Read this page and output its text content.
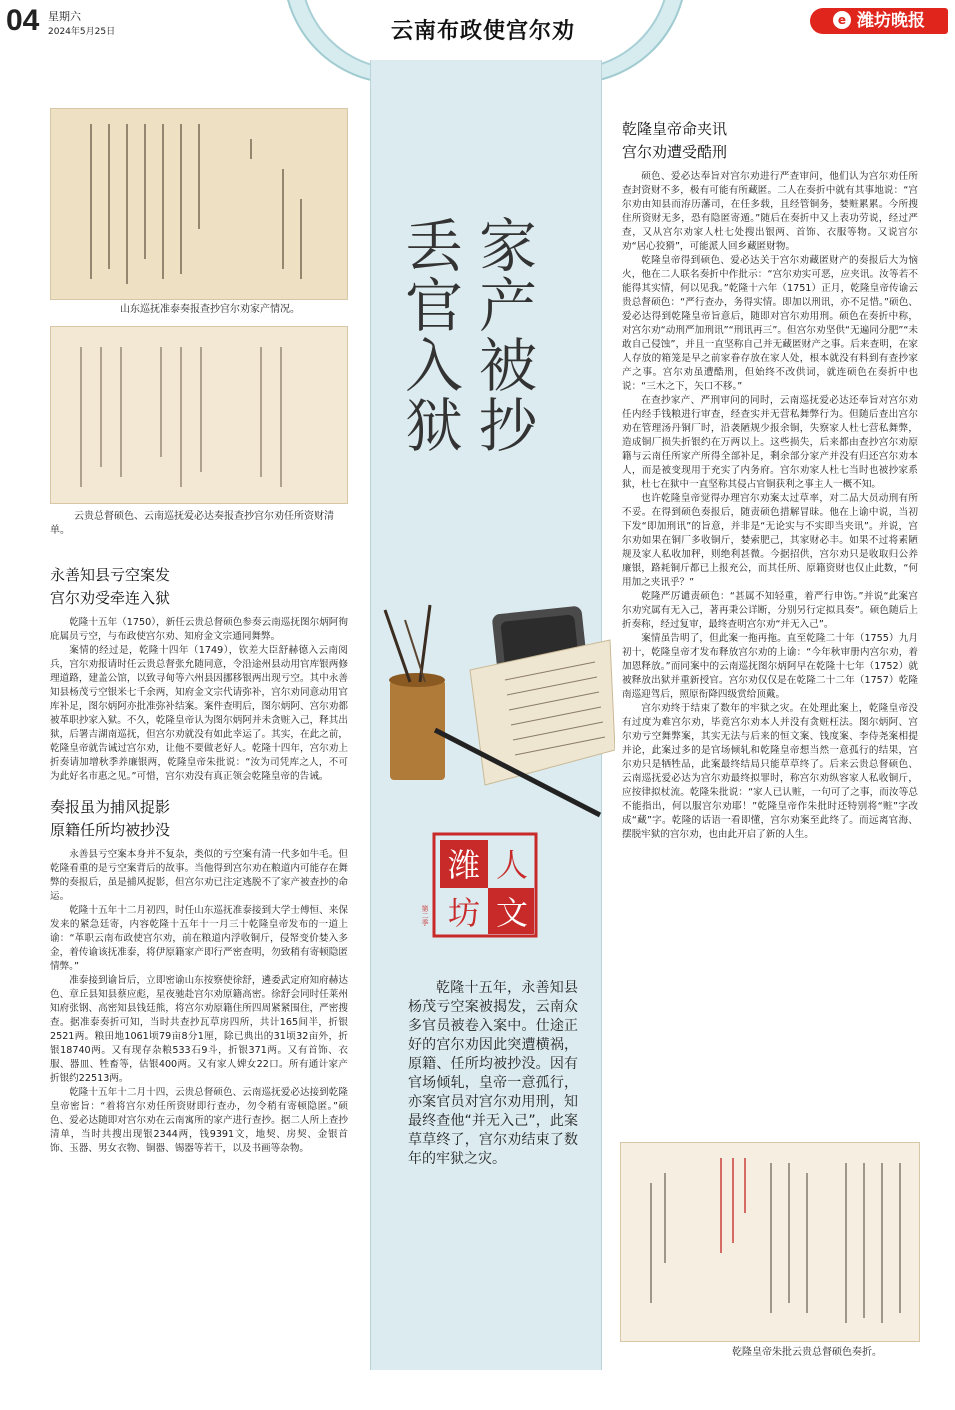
04 星期六
2024年5月25日	云南布政使宫尔劝	e 潍坊晚报
家产被抄
丢官入狱
潍 人
坊 文
第二季

乾隆十五年，永善知县杨茂亏空案被揭发，云南众多官员被卷入案中。仕途正好的宫尔劝因此突遭横祸，原籍、任所均被抄没。因有官场倾轧，皇帝一意孤行，亦案官员对宫尔劝用刑，知最终查他“并无入己”，此案草草终了，宫尔劝结束了数年的牢狱之灾。

山东巡抚准泰奏报查抄宫尔劝家产情况。
云贵总督硕色、云南巡抚爱必达奏报查抄宫尔劝任所资财清单。
永善知县亏空案发
宫尔劝受牵连入狱

乾隆十五年（1750），新任云贵总督硕色参奏云南巡抚图尔炳阿徇庇属员亏空，与布政使宫尔劝、知府金文宗通同舞弊。

案情的经过是，乾隆十四年（1749），钦差大臣舒赫德入云南阅兵，宫尔劝报请时任云贵总督张允随同意，令沿途州县动用官库银两修理道路，建盖公馆，以致寻甸等六州县因挪移银两出现亏空。其中永善知县杨茂亏空银米七千余两，知府金文宗代请弥补，宫尔劝同意动用官库补足，图尔炳阿亦批准弥补结案。案件查明后，图尔炳阿、宫尔劝都被革职抄家入狱。不久，乾隆皇帝认为图尔炳阿并未贪赃入己，释其出狱，后署吉湖南巡抚，但宫尔劝就没有如此幸运了。其实，在此之前，乾隆皇帝就告诫过宫尔劝，让他不要做老好人。乾隆十四年，宫尔劝上折奏请加增秋季养廉银两，乾隆皇帝朱批说：“汝为司凭库之人，不可为此好名市惠之见。”可惜，宫尔劝没有真正领会乾隆皇帝的告诫。

奏报虽为捕风捉影
原籍任所均被抄没

永善县亏空案本身并不复杂，类似的亏空案有清一代多如牛毛。但乾隆看重的是亏空案背后的故事。当他得到宫尔劝在粮道内可能存在舞弊的奏报后，虽是捕风捉影，但宫尔劝已注定逃脱不了家产被查抄的命运。

乾隆十五年十二月初四，时任山东巡抚准泰接到大学士傅恒、来保发来的紧急廷寄，内容乾隆十五年十一月三十乾隆皇帝发布的一道上谕：“革职云南布政使宫尔劝，前在粮道内浮收铜斤，侵帑变价婪入多金，着传谕该抚准泰，将伊原籍家产即行严密查明，勿致稍有寄顿隐匿情弊。”

准泰接到谕旨后，立即密谕山东按察使徐舒，遴委武定府知府赫达色、章丘县知县蔡应彪，星夜驰赴宫尔劝原籍高密。徐舒会同时任莱州知府张钢、高密知县钱廷熊，将宫尔劝原籍住所四周紧紧围住，严密搜查。据准泰奏折可知，当时共查抄瓦草房四所，共计165间半，折银2521两。粮田地1061顷79亩8分1厘，除已典出的31顷32亩外，折银18740两。又有现存杂粮533石9斗，折银371两。又有首饰、衣服、器皿、牲畜等，估银400两。又有家人婢女22口。所有通计家产折银约22513两。

乾隆十五年十二月十四，云贵总督硕色、云南巡抚爱必达接到乾隆皇帝密旨：“着将宫尔劝任所资财即行查办，勿令稍有寄顿隐匿。”硕色、爱必达随即对宫尔劝在云南寓所的家产进行查抄。据二人所上查抄清单，当时共搜出现银2344两，钱9391文，地契、房契、金银首饰、玉器、男女衣物、铜器、锡器等若干，以及书画等杂物。

乾隆皇帝命夹讯
宫尔劝遭受酷刑

硕色、爱必达奉旨对宫尔劝进行严查审问，他们认为宫尔劝任所查封资财不多，极有可能有所藏匿。二人在奏折中就有其事地说：“宫尔劝由知县而洊历藩司，在任多载，且经管铜务，婪赃累累。今所搜住所资财无多，恐有隐匿寄遁。”随后在奏折中又上表功劳说，经过严查，又从宫尔劝家人杜七处搜出银两、首饰、衣服等物。又说宫尔劝“居心狡猾”，可能派人回乡藏匿财物。

乾隆皇帝得到硕色、爱必达关于宫尔劝藏匿财产的奏报后大为恼火，他在二人联名奏折中作批示：“宫尔劝实可恶，应夹讯。汝等若不能得其实情，何以见我。”乾隆十六年（1751）正月，乾隆皇帝传谕云贵总督硕色：“严行查办，务得实情。即加以刑讯，亦不足惜。”硕色、爱必达得到乾隆皇帝旨意后，随即对宫尔劝用刑。硕色在奏折中称，对宫尔劝“动刑严加刑讯”“刑讯再三”。但宫尔劝坚供“无遍同分肥”“未敢自己侵蚀”，并且一直坚称自己并无藏匿财产之事。后来查明，在家人存放的箱笼是早之前家眷存放在家人处，根本就没有料到有查抄家产之事。宫尔劝虽遭酷刑，但始终不改供词，就连硕色在奏折中也说：“三木之下，矢口不移。”

在查抄家产、严刑审问的同时，云南巡抚爱必达还奉旨对宫尔劝任内经手钱粮进行审查，经查实并无营私舞弊行为。但随后查出宫尔劝在管理汤丹铜厂时，沿袭陋规少报余铜，失察家人杜七营私舞弊，造成铜厂损失折银约在万两以上。这些损失，后来都由查抄宫尔劝原籍与云南任所家产所得全部补足，剩余部分家产并没有归还宫尔劝本人，而是被变现用于充实了内务府。宫尔劝家人杜七当时也被抄家系狱，杜七在狱中一直坚称其侵占官铜获利之事主人一概不知。

也许乾隆皇帝觉得办理宫尔劝案太过草率，对二品大员动刑有所不妥。在得到硕色奏报后，随责硕色措解冒昧。他在上谕中说，当初下发“即加刑讯”的旨意，并非是“无论实与不实即当夹讯”。并说，宫尔劝如果在铜厂多收铜斤，婪索肥己，其家财必丰。如果不过将素陋规及家人私收加秤，则绝利甚微。今据招供，宫尔劝只是收取归公养廉银，路耗铜斤都已上报充公，而其任所、原籍资财也仅止此数，“何用加之夹讯乎？”

乾隆严厉谴责硕色：“甚属不知轻重，着严行申饬。”并说“此案宫尔劝究属有无入己，著再秉公详断，分别另行定拟具奏”。硕色随后上折奏称，经过复审，最终查明宫尔劝“并无入己”。

案情虽告明了，但此案一拖再拖。直至乾隆二十年（1755）九月初十，乾隆皇帝才发布释放宫尔劝的上谕：“今年秋审册内宫尔劝，着加恩释放。”而同案中的云南巡抚图尔炳阿早在乾隆十七年（1752）就被释放出狱并重新授官。宫尔劝仅仅是在乾隆二十二年（1757）乾隆南巡迎驾后，照原衔降四级赏给顶戴。

宫尔劝终于结束了数年的牢狱之灾。在处理此案上，乾隆皇帝没有过度为难宫尔劝，毕竟宫尔劝本人并没有贪赃枉法。图尔炳阿、宫尔劝亏空舞弊案，其实无法与后来的恒文案、钱度案、李侍尧案相提并论，此案过多的是官场倾轧和乾隆皇帝想当然一意孤行的结果，宫尔劝只是牺牲品，此案最终结局只能草草终了。后来云贵总督硕色、云南巡抚爱必达为宫尔劝最终拟罪时，称宫尔劝纵容家人私收铜斤，应按律拟杖流。乾隆朱批说：“家人已认赃，一句可了之事，而汝等总不能指出，何以服宫尔劝耶！”乾隆皇帝作朱批时还特别将“赃”字改成“藏”字。乾隆的话语一看即懂，宫尔劝案至此终了。而远离官海、摆脱牢狱的宫尔劝，也由此开启了新的人生。

乾隆皇帝朱批云贵总督硕色奏折。
